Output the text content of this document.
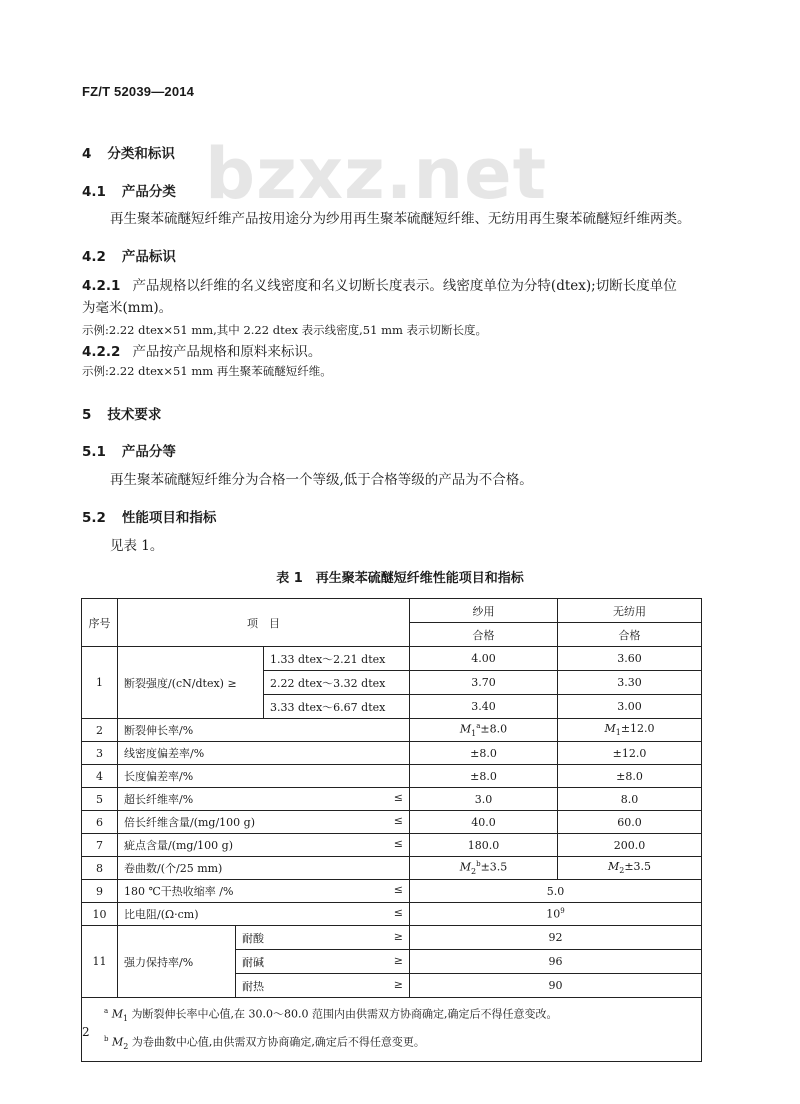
FZ/T 52039—2014
bzxz.net
4 分类和标识
4.1 产品分类
再生聚苯硫醚短纤维产品按用途分为纱用再生聚苯硫醚短纤维、无纺用再生聚苯硫醚短纤维两类。
4.2 产品标识
4.2.1 产品规格以纤维的名义线密度和名义切断长度表示。线密度单位为分特(dtex);切断长度单位
为毫米(mm)。
示例:2.22 dtex×51 mm,其中 2.22 dtex 表示线密度,51 mm 表示切断长度。
4.2.2 产品按产品规格和原料来标识。
示例:2.22 dtex×51 mm 再生聚苯硫醚短纤维。
5 技术要求
5.1 产品分等
再生聚苯硫醚短纤维分为合格一个等级,低于合格等级的产品为不合格。
5.2 性能项目和指标
见表 1。
表 1　再生聚苯硫醚短纤维性能项目和指标
序号	项　目			纱用	无纺用
				合格	合格
1	断裂强度/(cN/dtex) ≥		1.33 dtex～2.21 dtex	4.00	3.60
			2.22 dtex～3.32 dtex	3.70	3.30
			3.33 dtex～6.67 dtex	3.40	3.00
2	断裂伸长率/%			$M_1^a\pm 8.0$	$M_1\pm 12.0$
3	线密度偏差率/%			±8.0	±12.0
4	长度偏差率/%			±8.0	±8.0
5	超长纤维率/% ≤			3.0	8.0
6	倍长纤维含量/(mg/100 g) ≤			40.0	60.0
7	疵点含量/(mg/100 g) ≤			180.0	200.0
8	卷曲数/(个/25 mm)			$M_2^b\pm 3.5$	$M_2\pm 3.5$
9	180 ℃干热收缩率 /% ≤			5.0	
10	比电阻/(Ω·cm) ≤			$10^9$
11	强力保持率/%	耐酸 ≥		92	
		耐碱 ≥		96	
		耐热 ≥		90	

$^a$ $M_1$ 为断裂伸长率中心值,在 30.0～80.0 范围内由供需双方协商确定,确定后不得任意变改。
$^b$ $M_2$ 为卷曲数中心值,由供需双方协商确定,确定后不得任意变更。					
2
